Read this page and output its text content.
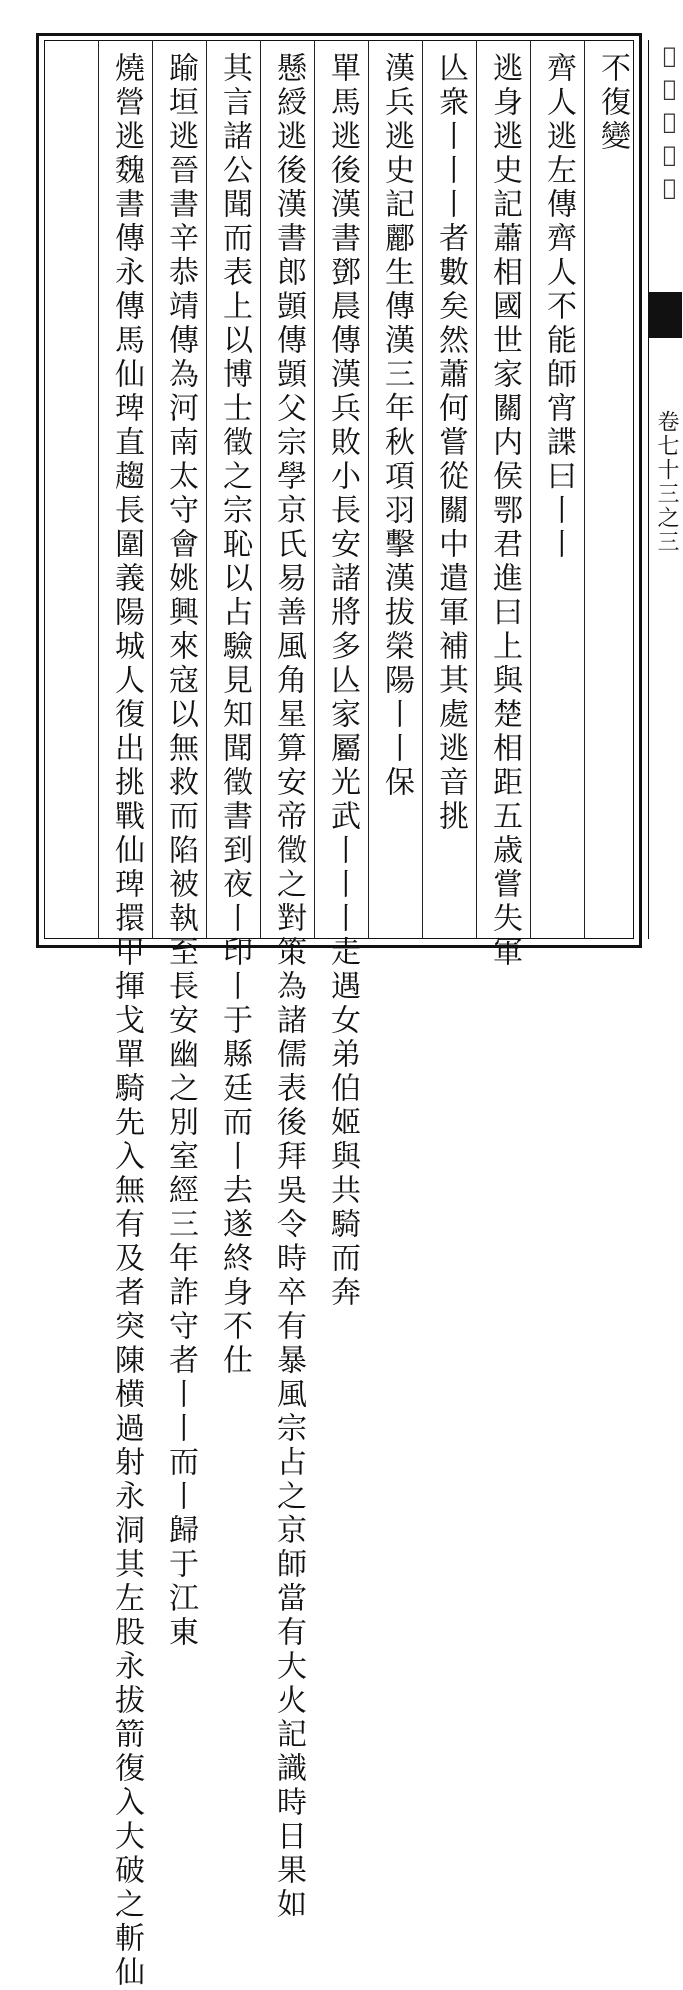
不復變
齊人逃左傳齊人不能師宵諜曰丨丨
逃身逃史記蕭相國世家關内侯鄂君進曰上與楚相距五歳嘗失軍
亾衆丨丨丨者數矣然蕭何嘗從關中遣軍補其處逃音挑
漢兵逃史記酈生傳漢三年秋項羽擊漢拔榮陽丨丨保
單馬逃後漢書鄧晨傳漢兵敗小長安諸將多亾家屬光武丨丨丨走遇女弟伯姬與共騎而奔
懸綬逃後漢書郎顗傳顗父宗學京氏易善風角星算安帝徵之對策為諸儒表後拜吳令時卒有暴風宗占之京師當有大火記識時日果如
其言諸公聞而表上以博士徵之宗恥以占驗見知聞徵書到夜丨印丨于縣廷而丨去遂終身不仕
踰垣逃晉書辛恭靖傳為河南太守會姚興來寇以無救而陷被執至長安幽之別室經三年詐守者丨丨而丨歸于江東
燒營逃魏書傳永傳馬仙琕直趨長圍義陽城人復出挑戰仙琕擐甲揮戈單騎先入無有及者突陳横過射永洞其左股永拔箭復入大破之斬仙	𨕖文選卷七
卷七十三之三
